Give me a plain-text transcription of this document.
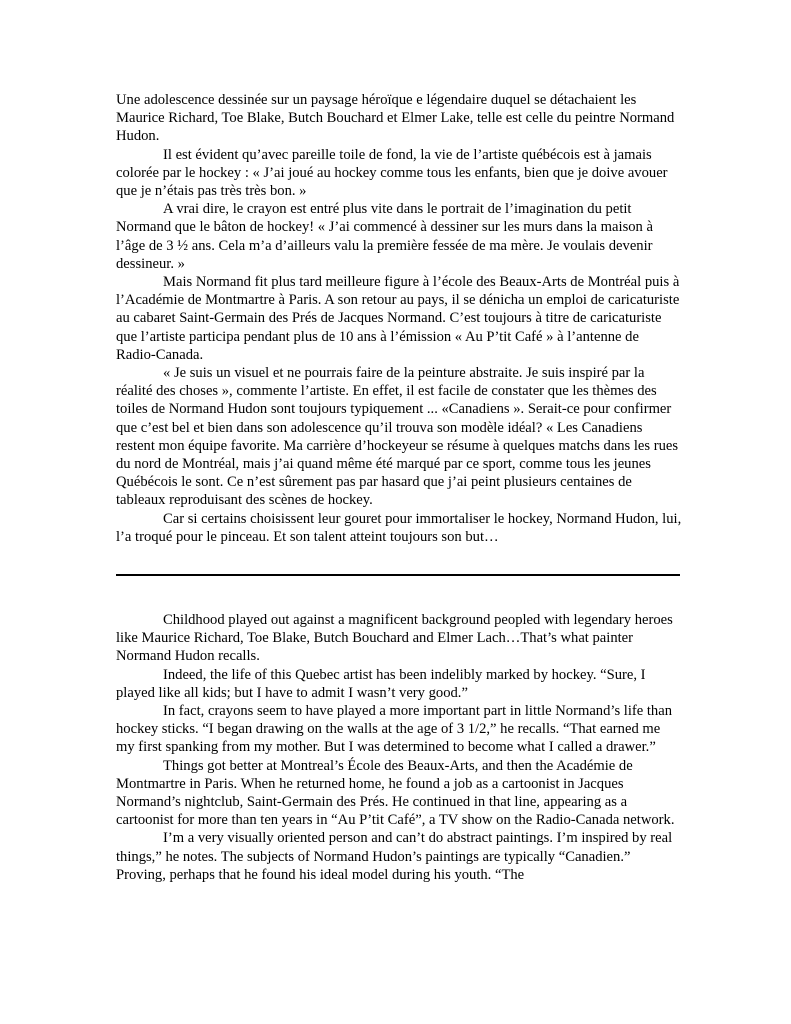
Une adolescence dessinée sur un paysage héroïque e légendaire duquel se détachaient les Maurice Richard, Toe Blake, Butch Bouchard et Elmer Lake, telle est celle du peintre Normand Hudon.

Il est évident qu’avec pareille toile de fond, la vie de l’artiste québécois est à jamais colorée par le hockey : « J’ai joué au hockey comme tous les enfants, bien que je doive avouer que je n’étais pas très très bon. »

A vrai dire, le crayon est entré plus vite dans le portrait de l’imagination du petit Normand que le bâton de hockey! « J’ai commencé à dessiner sur les murs dans la maison à l’âge de 3 ½ ans. Cela m’a d’ailleurs valu la première fessée de ma mère. Je voulais devenir dessineur. »

Mais Normand fit plus tard meilleure figure à l’école des Beaux-Arts de Montréal puis à l’Académie de Montmartre à Paris. A son retour au pays, il se dénicha un emploi de caricaturiste au cabaret Saint-Germain des Prés de Jacques Normand. C’est toujours à titre de caricaturiste que l’artiste participa pendant plus de 10 ans à l’émission « Au P’tit Café » à l’antenne de Radio-Canada.

« Je suis un visuel et ne pourrais faire de la peinture abstraite. Je suis inspiré par la réalité des choses », commente l’artiste. En effet, il est facile de constater que les thèmes des toiles de Normand Hudon sont toujours typiquement ... «Canadiens ». Serait-ce pour confirmer que c’est bel et bien dans son adolescence qu’il trouva son modèle idéal? « Les Canadiens restent mon équipe favorite. Ma carrière d’hockeyeur se résume à quelques matchs dans les rues du nord de Montréal, mais j’ai quand même été marqué par ce sport, comme tous les jeunes Québécois le sont. Ce n’est sûrement pas par hasard que j’ai peint plusieurs centaines de tableaux reproduisant des scènes de hockey.

Car si certains choisissent leur gouret pour immortaliser le hockey, Normand Hudon, lui, l’a troqué pour le pinceau. Et son talent atteint toujours son but…

Childhood played out against a magnificent background peopled with legendary heroes like Maurice Richard, Toe Blake, Butch Bouchard and Elmer Lach…That’s what painter Normand Hudon recalls.

Indeed, the life of this Quebec artist has been indelibly marked by hockey. “Sure, I played like all kids; but I have to admit I wasn’t very good.”

In fact, crayons seem to have played a more important part in little Normand’s life than hockey sticks. “I began drawing on the walls at the age of 3 1/2,” he recalls. “That earned me my first spanking from my mother. But I was determined to become what I called a drawer.”

Things got better at Montreal’s École des Beaux-Arts, and then the Académie de Montmartre in Paris. When he returned home, he found a job as a cartoonist in Jacques Normand’s nightclub, Saint-Germain des Prés. He continued in that line, appearing as a cartoonist for more than ten years in “Au P’tit Café”, a TV show on the Radio-Canada network.

I’m a very visually oriented person and can’t do abstract paintings. I’m inspired by real things,” he notes. The subjects of Normand Hudon’s paintings are typically “Canadien.” Proving, perhaps that he found his ideal model during his youth. “The
